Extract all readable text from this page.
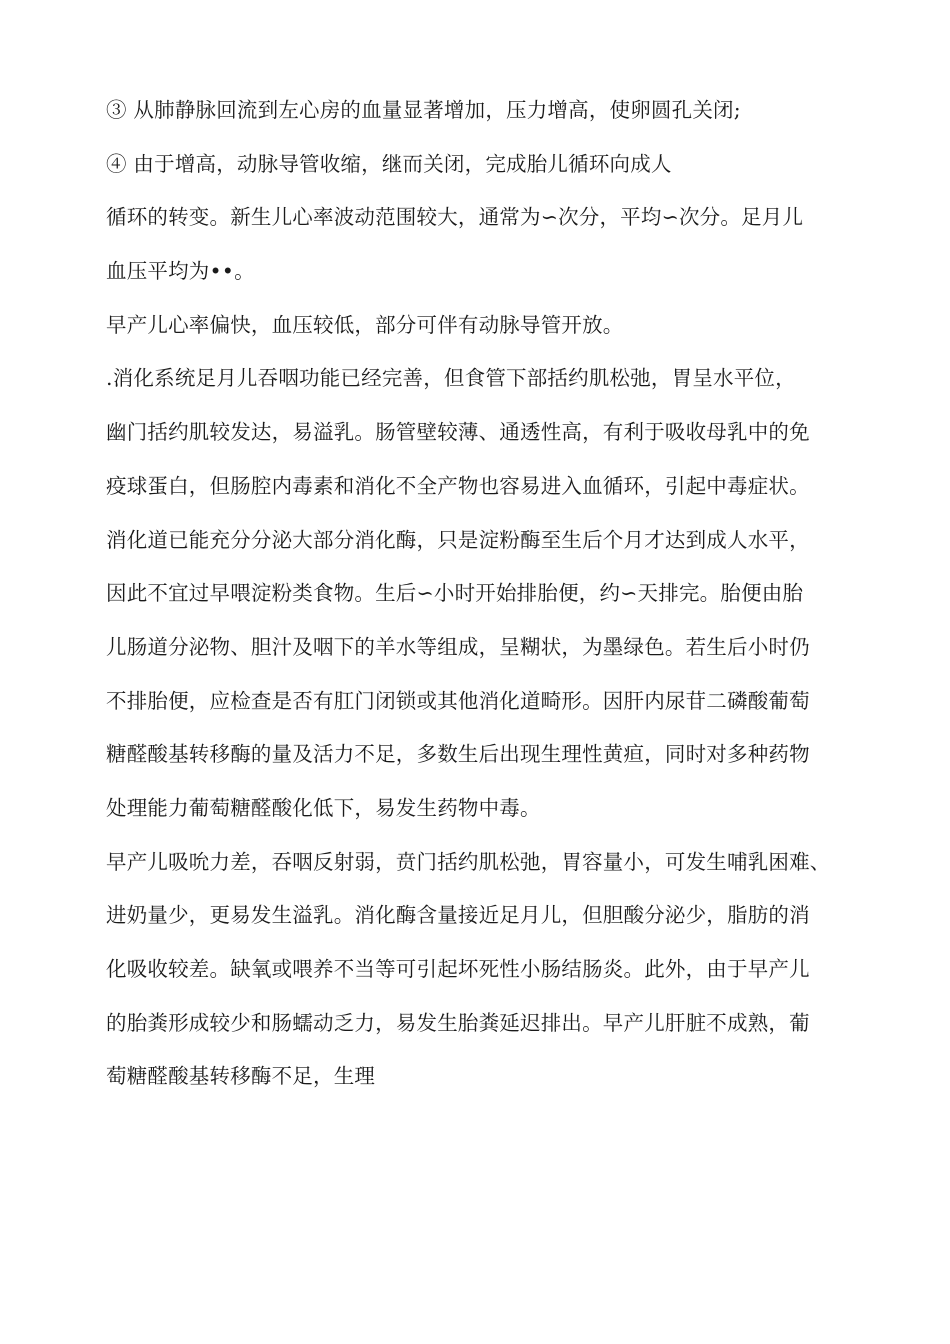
③ 从肺静脉回流到左心房的血量显著增加，压力增高，使卵圆孔关闭;
④ 由于增高，动脉导管收缩，继而关闭，完成胎儿循环向成人
循环的转变。新生儿心率波动范围较大，通常为∽次分，平均∽次分。足月儿
血压平均为••。
早产儿心率偏快，血压较低，部分可伴有动脉导管开放。
.消化系统足月儿吞咽功能已经完善，但食管下部括约肌松弛，胃呈水平位，
幽门括约肌较发达，易溢乳。肠管壁较薄、通透性高，有利于吸收母乳中的免
疫球蛋白，但肠腔内毒素和消化不全产物也容易进入血循环，引起中毒症状。
消化道已能充分分泌大部分消化酶，只是淀粉酶至生后个月才达到成人水平，
因此不宜过早喂淀粉类食物。生后∽小时开始排胎便，约∽天排完。胎便由胎
儿肠道分泌物、胆汁及咽下的羊水等组成，呈糊状，为墨绿色。若生后小时仍
不排胎便，应检查是否有肛门闭锁或其他消化道畸形。因肝内尿苷二磷酸葡萄
糖醛酸基转移酶的量及活力不足，多数生后出现生理性黄疸，同时对多种药物
处理能力葡萄糖醛酸化低下，易发生药物中毒。
早产儿吸吮力差，吞咽反射弱，贲门括约肌松弛，胃容量小，可发生哺乳困难、
进奶量少，更易发生溢乳。消化酶含量接近足月儿，但胆酸分泌少，脂肪的消
化吸收较差。缺氧或喂养不当等可引起坏死性小肠结肠炎。此外，由于早产儿
的胎粪形成较少和肠蠕动乏力，易发生胎粪延迟排出。早产儿肝脏不成熟，葡
萄糖醛酸基转移酶不足，生理
